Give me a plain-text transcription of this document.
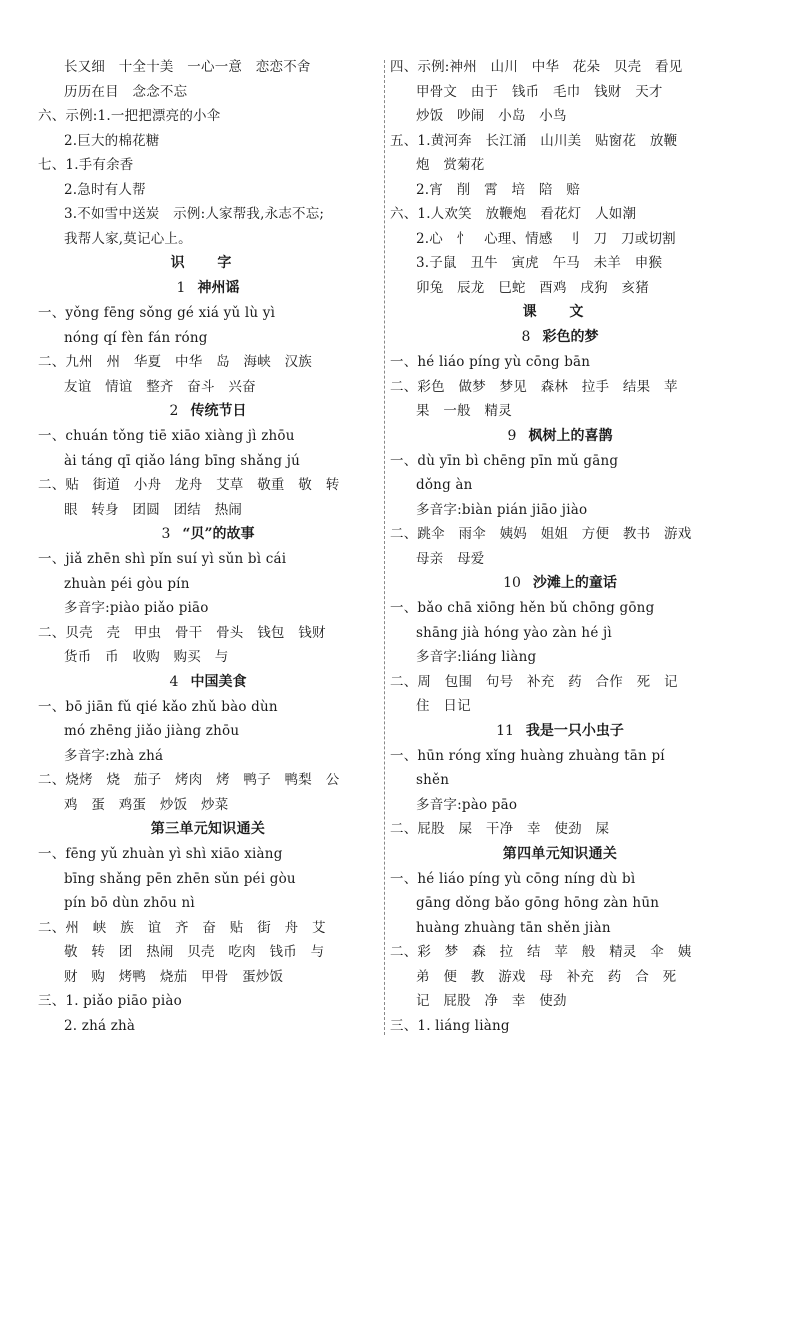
长又细　十全十美　一心一意　恋恋不舍
历历在目　念念不忘
六、示例:1.一把把漂亮的小伞
2.巨大的棉花糖
七、1.手有余香
2.急时有人帮
3.不如雪中送炭　示例:人家帮我,永志不忘;
我帮人家,莫记心上。
识 字
1 神州谣
一、yǒng fēng sǒng gé xiá yǔ lù yì
nóng qí fèn fán róng
二、九州　州　华夏　中华　岛　海峡　汉族
友谊　情谊　整齐　奋斗　兴奋
2 传统节日
一、chuán tǒng tiē xiāo xiàng jì zhōu
ài táng qī qiǎo láng bīng shǎng jú
二、贴　街道　小舟　龙舟　艾草　敬重　敬　转
眼　转身　团圆　团结　热闹
3 “贝”的故事
一、jiǎ zhēn shì pǐn suí yì sǔn bì cái
zhuàn péi gòu pín
多音字:piào piǎo piāo
二、贝壳　壳　甲虫　骨干　骨头　钱包　钱财
货币　币　收购　购买　与
4 中国美食
一、bō jiān fǔ qié kǎo zhǔ bào dùn
mó zhēng jiǎo jiàng zhōu
多音字:zhà zhá
二、烧烤　烧　茄子　烤肉　烤　鸭子　鸭梨　公
鸡　蛋　鸡蛋　炒饭　炒菜
第三单元知识通关
一、fēng yǔ zhuàn yì shì xiāo xiàng
bīng shǎng pēn zhēn sǔn péi gòu
pín bō dùn zhōu nì
二、州　峡　族　谊　齐　奋　贴　街　舟　艾
敬　转　团　热闹　贝壳　吃肉　钱币　与
财　购　烤鸭　烧茄　甲骨　蛋炒饭
三、1. piǎo piāo piào
2. zhá zhà
四、示例:神州　山川　中华　花朵　贝壳　看见
甲骨文　由于　钱币　毛巾　钱财　天才
炒饭　吵闹　小岛　小鸟
五、1.黄河奔　长江涌　山川美　贴窗花　放鞭
炮　赏菊花
2.宵　削　霄　培　陪　赔
六、1.人欢笑　放鞭炮　看花灯　人如潮
2.心　忄　心理、情感　刂　刀　刀或切割
3.子鼠　丑牛　寅虎　午马　未羊　申猴
卯兔　辰龙　巳蛇　酉鸡　戌狗　亥猪
课 文
8 彩色的梦
一、hé liáo píng yù cōng bān
二、彩色　做梦　梦见　森林　拉手　结果　苹
果　一般　精灵
9 枫树上的喜鹊
一、dù yīn bì chēng pīn mǔ gāng
dǒng àn
多音字:biàn pián jiāo jiào
二、跳伞　雨伞　姨妈　姐姐　方便　教书　游戏
母亲　母爱
10 沙滩上的童话
一、bǎo chā xiōng hěn bǔ chōng gōng
shāng jià hóng yào zàn hé jì
多音字:liáng liàng
二、周　包围　句号　补充　药　合作　死　记
住　日记
11 我是一只小虫子
一、hūn róng xǐng huàng zhuàng tān pí
shěn
多音字:pào pāo
二、屁股　屎　干净　幸　使劲　屎
第四单元知识通关
一、hé liáo píng yù cōng níng dù bì
gāng dǒng bǎo gōng hōng zàn hūn
huàng zhuàng tān shěn jiàn
二、彩　梦　森　拉　结　苹　般　精灵　伞　姨
弟　便　教　游戏　母　补充　药　合　死
记　屁股　净　幸　使劲
三、1. liáng liàng
